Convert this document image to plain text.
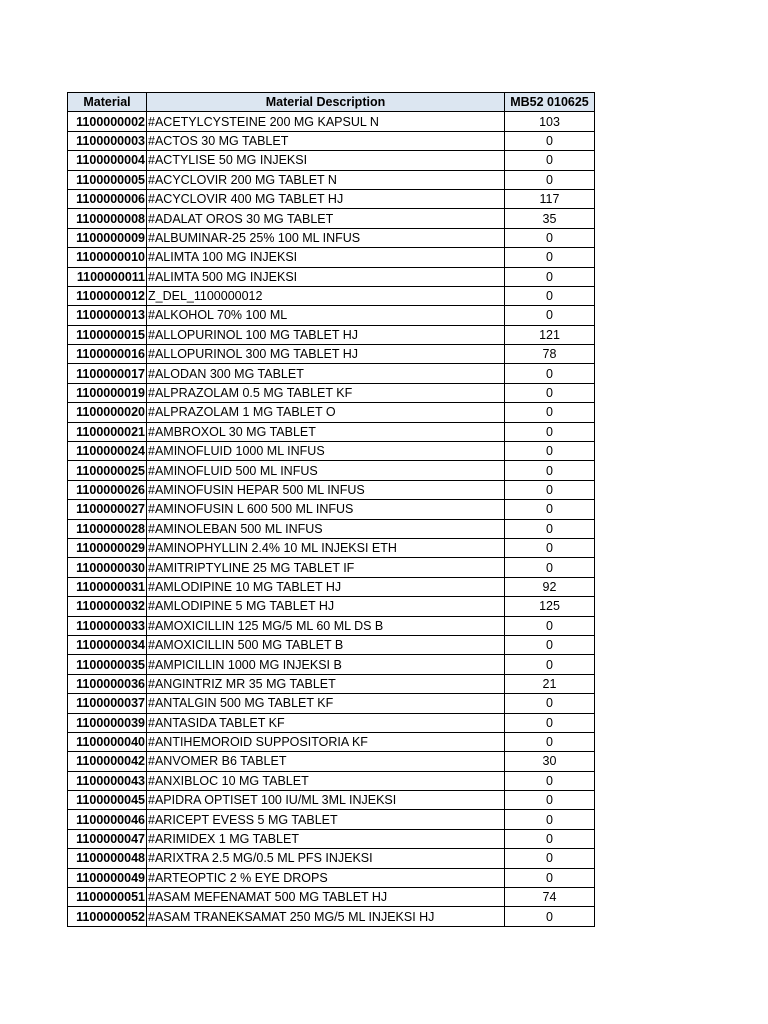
Material	Material Description	MB52 010625
1100000002	#ACETYLCYSTEINE 200 MG KAPSUL N	103
1100000003	#ACTOS 30 MG TABLET	0
1100000004	#ACTYLISE 50 MG INJEKSI	0
1100000005	#ACYCLOVIR 200 MG TABLET N	0
1100000006	#ACYCLOVIR 400 MG TABLET HJ	117
1100000008	#ADALAT OROS 30 MG TABLET	35
1100000009	#ALBUMINAR-25 25% 100 ML INFUS	0
1100000010	#ALIMTA 100 MG INJEKSI	0
1100000011	#ALIMTA 500 MG INJEKSI	0
1100000012	Z_DEL_1100000012	0
1100000013	#ALKOHOL 70% 100 ML	0
1100000015	#ALLOPURINOL 100 MG TABLET HJ	121
1100000016	#ALLOPURINOL 300 MG TABLET HJ	78
1100000017	#ALODAN 300 MG TABLET	0
1100000019	#ALPRAZOLAM 0.5 MG TABLET KF	0
1100000020	#ALPRAZOLAM 1 MG TABLET O	0
1100000021	#AMBROXOL 30 MG TABLET	0
1100000024	#AMINOFLUID 1000 ML INFUS	0
1100000025	#AMINOFLUID 500 ML INFUS	0
1100000026	#AMINOFUSIN HEPAR 500 ML INFUS	0
1100000027	#AMINOFUSIN L 600 500 ML INFUS	0
1100000028	#AMINOLEBAN 500 ML INFUS	0
1100000029	#AMINOPHYLLIN 2.4% 10 ML INJEKSI ETH	0
1100000030	#AMITRIPTYLINE 25 MG TABLET IF	0
1100000031	#AMLODIPINE 10 MG TABLET HJ	92
1100000032	#AMLODIPINE 5 MG TABLET HJ	125
1100000033	#AMOXICILLIN 125 MG/5 ML 60 ML DS B	0
1100000034	#AMOXICILLIN 500 MG TABLET B	0
1100000035	#AMPICILLIN 1000 MG INJEKSI B	0
1100000036	#ANGINTRIZ MR 35 MG TABLET	21
1100000037	#ANTALGIN 500 MG TABLET KF	0
1100000039	#ANTASIDA TABLET KF	0
1100000040	#ANTIHEMOROID SUPPOSITORIA KF	0
1100000042	#ANVOMER B6 TABLET	30
1100000043	#ANXIBLOC 10 MG TABLET	0
1100000045	#APIDRA OPTISET 100 IU/ML 3ML INJEKSI	0
1100000046	#ARICEPT EVESS 5 MG TABLET	0
1100000047	#ARIMIDEX 1 MG TABLET	0
1100000048	#ARIXTRA 2.5 MG/0.5 ML PFS INJEKSI	0
1100000049	#ARTEOPTIC 2 % EYE DROPS	0
1100000051	#ASAM MEFENAMAT 500 MG TABLET HJ	74
1100000052	#ASAM TRANEKSAMAT 250 MG/5 ML INJEKSI HJ	0
